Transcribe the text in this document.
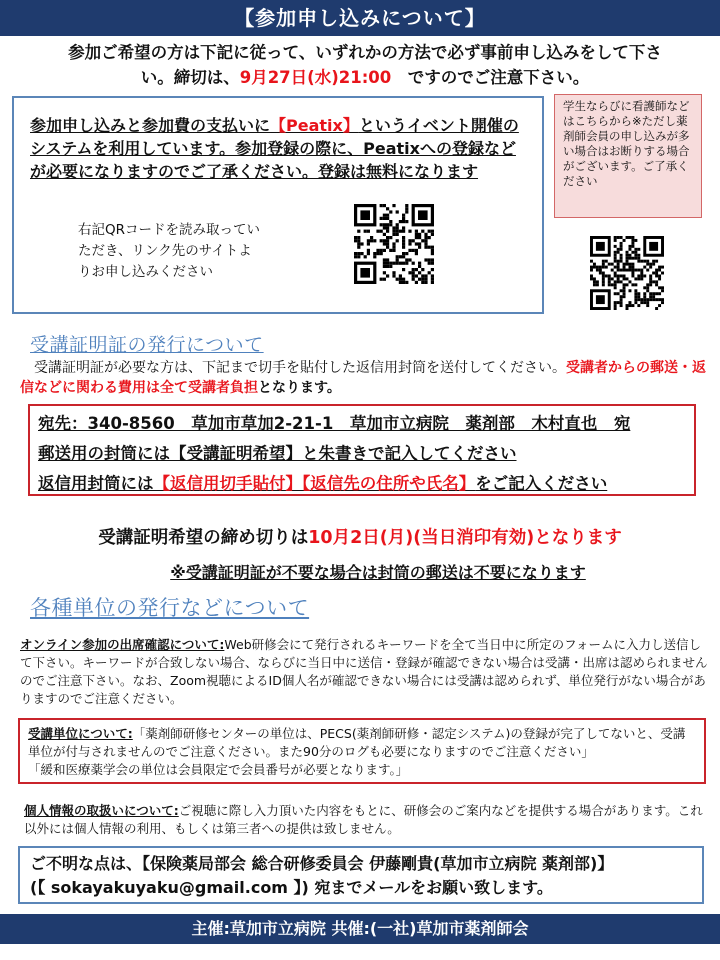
【参加申し込みについて】
参加ご希望の方は下記に従って、いずれかの方法で必ず事前申し込みをして下さ
い。締切は、9月27日(水)21:00　ですのでご注意下さい。
参加申し込みと参加費の支払いに【Peatix】というイベント開催のシステムを利用しています。参加登録の際に、Peatixへの登録などが必要になりますのでご了承ください。登録は無料になります
右記QRコードを読み取っていただき、リンク先のサイトよりお申し込みください
学生ならびに看護師などはこちらから※ただし薬剤師会員の申し込みが多い場合はお断りする場合がございます。ご了承ください
受講証明証の発行について
　受講証明証が必要な方は、下記まで切手を貼付した返信用封筒を送付してください。受講者からの郵送・返信などに関わる費用は全て受講者負担となります。
宛先：340-8560　草加市草加2-21-1　草加市立病院　薬剤部　木村直也　宛
郵送用の封筒には【受講証明希望】と朱書きで記入してください
返信用封筒には【返信用切手貼付】【返信先の住所や氏名】をご記入ください
受講証明希望の締め切りは10月2日(月)(当日消印有効)となります
※受講証明証が不要な場合は封筒の郵送は不要になります
各種単位の発行などについて
オンライン参加の出席確認について:Web研修会にて発行されるキーワードを全て当日中に所定のフォームに入力し送信して下さい。キーワードが合致しない場合、ならびに当日中に送信・登録が確認できない場合は受講・出席は認められませんのでご注意下さい。なお、Zoom視聴によるID個人名が確認できない場合には受講は認められず、単位発行がない場合がありますのでご注意ください。
受講単位について:「薬剤師研修センターの単位は、PECS(薬剤師研修・認定システム)の登録が完了してないと、受講単位が付与されませんのでご注意ください。また90分のログも必要になりますのでご注意ください」
「緩和医療薬学会の単位は会員限定で会員番号が必要となります。」
個人情報の取扱いについて:ご視聴に際し入力頂いた内容をもとに、研修会のご案内などを提供する場合があります。これ以外には個人情報の利用、もしくは第三者への提供は致しません。
ご不明な点は、【保険薬局部会 総合研修委員会 伊藤剛貴(草加市立病院 薬剤部)】
(【 sokayakuyaku@gmail.com 】) 宛までメールをお願い致します。
主催:草加市立病院 共催:(一社)草加市薬剤師会
